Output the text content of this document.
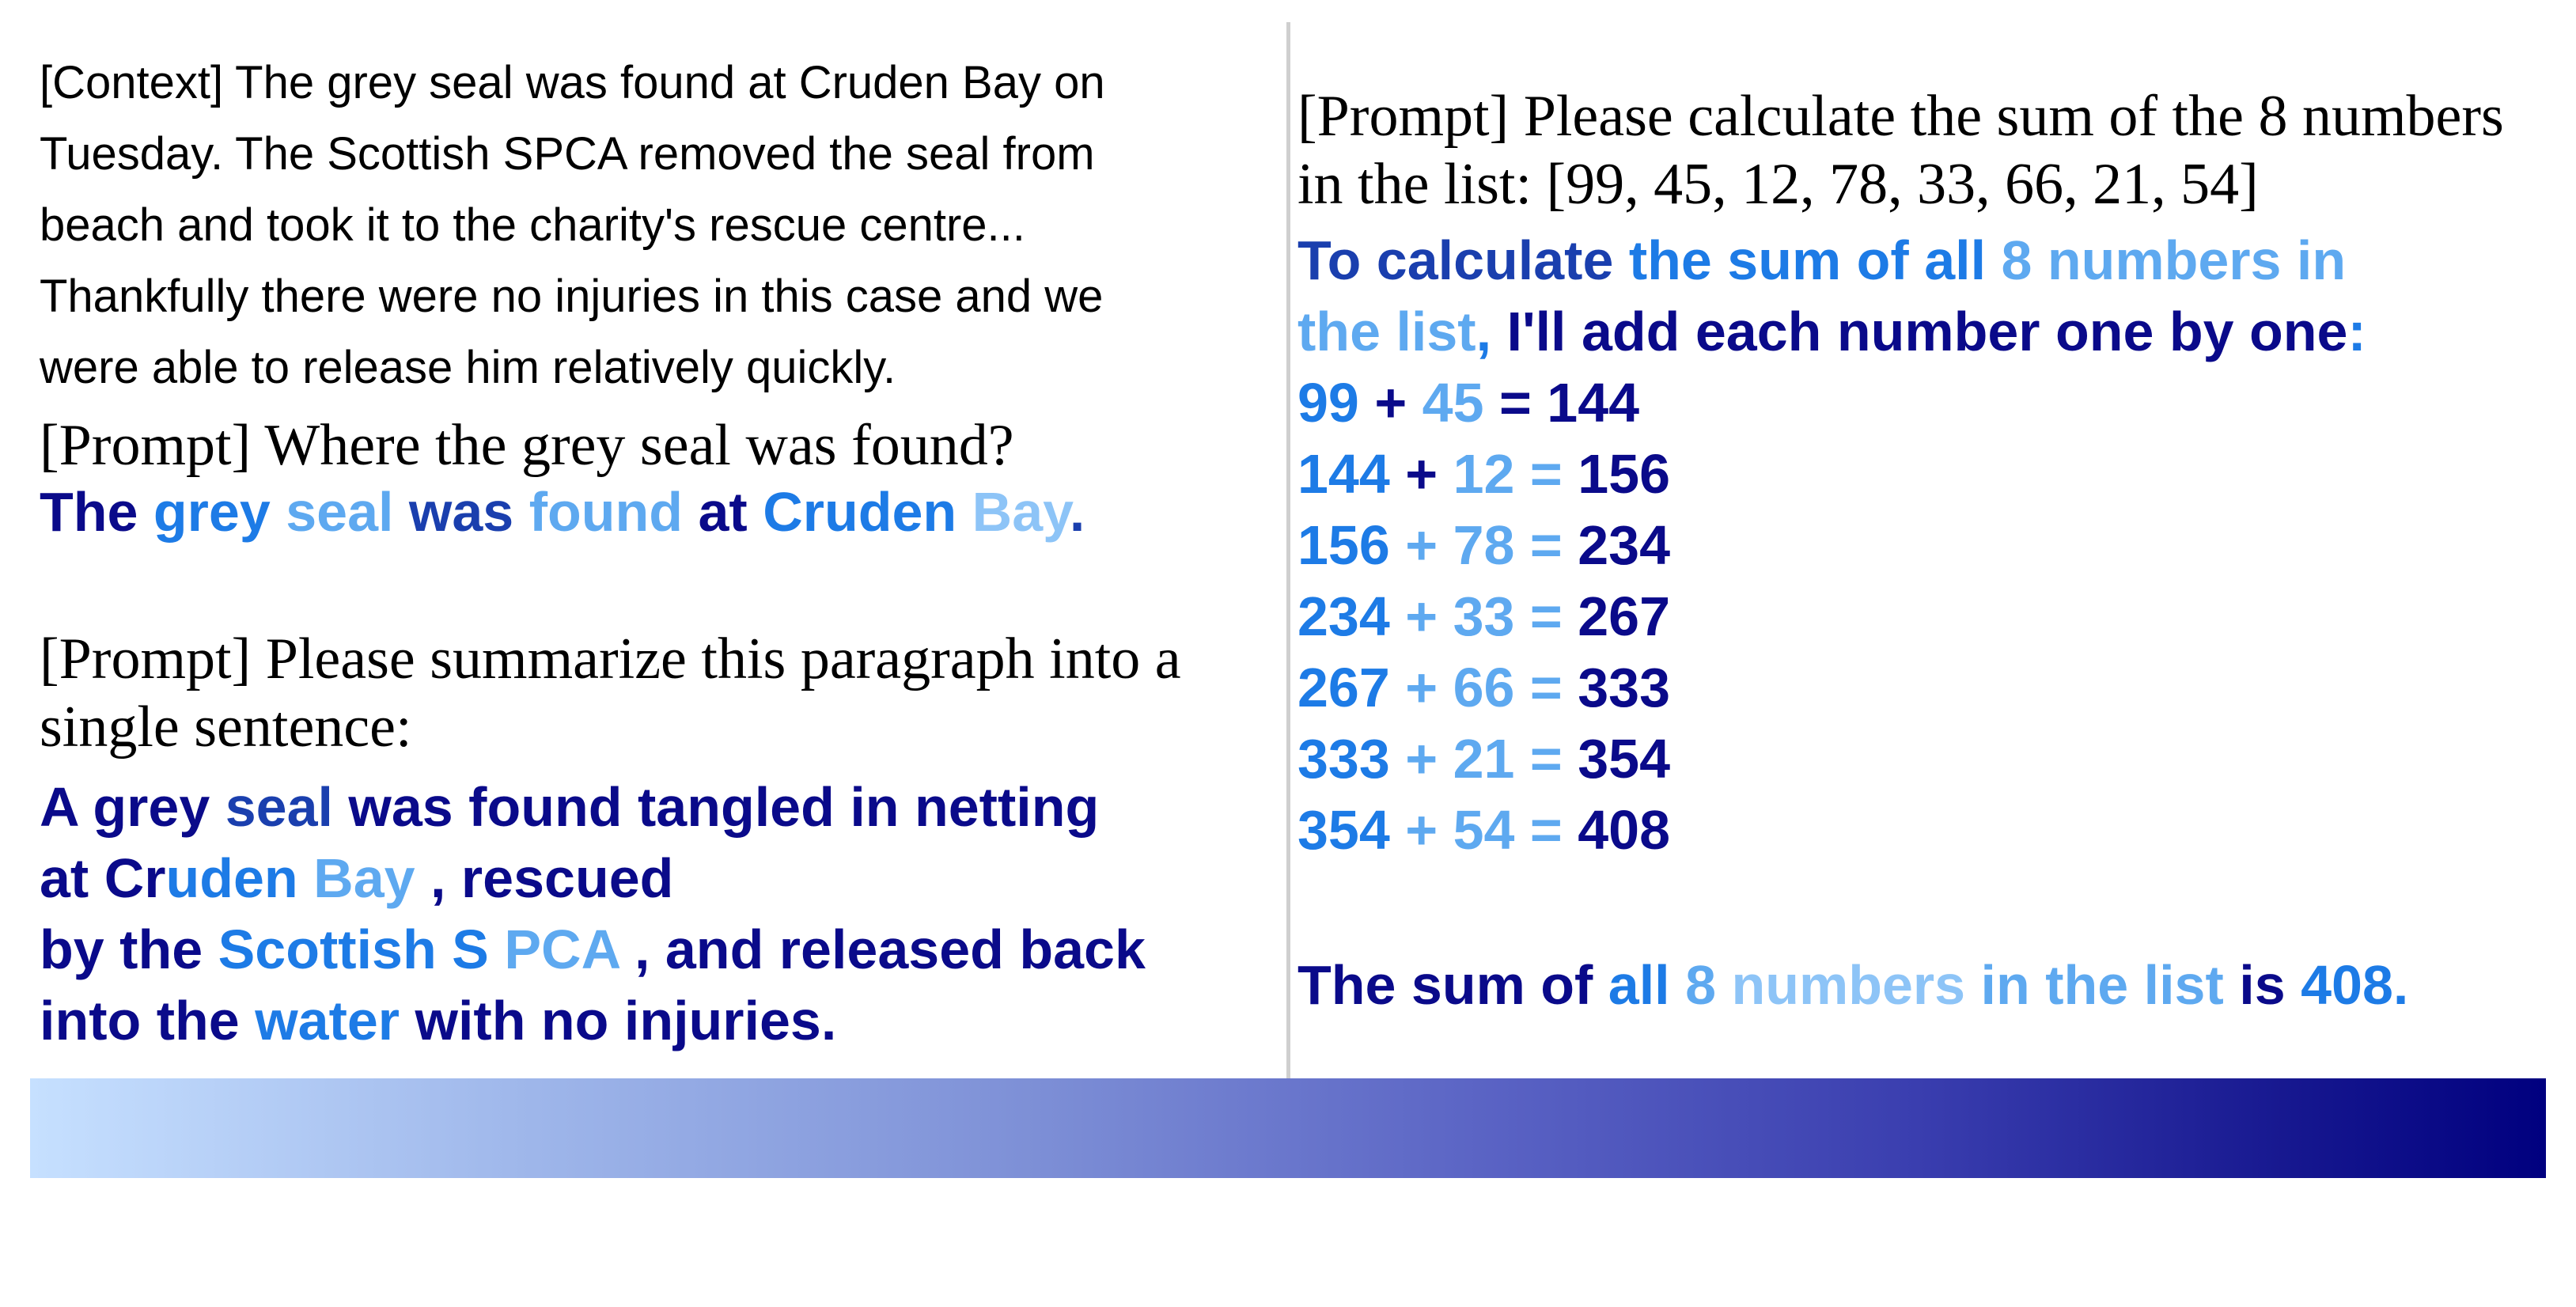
[Context] The grey seal was found at Cruden Bay on
Tuesday. The Scottish SPCA removed the seal from
beach and took it to the charity's rescue centre...
Thankfully there were no injuries in this case and we
were able to release him relatively quickly.

[Prompt] Where the grey seal was found?

The grey seal was found at Cruden Bay.

[Prompt] Please summarize this paragraph into a
single sentence:

A grey seal was found tangled in netting
at Cruden Bay , rescued
by the Scottish S PCA , and released back
into the water with no injuries.

[Prompt] Please calculate the sum of the 8 numbers
in the list: [99, 45, 12, 78, 33, 66, 21, 54]

To calculate the sum of all 8 numbers in
the list, I'll add each number one by one:
99 + 45 = 144
144 + 12 = 156
156 + 78 = 234
234 + 33 = 267
267 + 66 = 333
333 + 21 = 354
354 + 54 = 408

The sum of all 8 numbers in the list is 408.
